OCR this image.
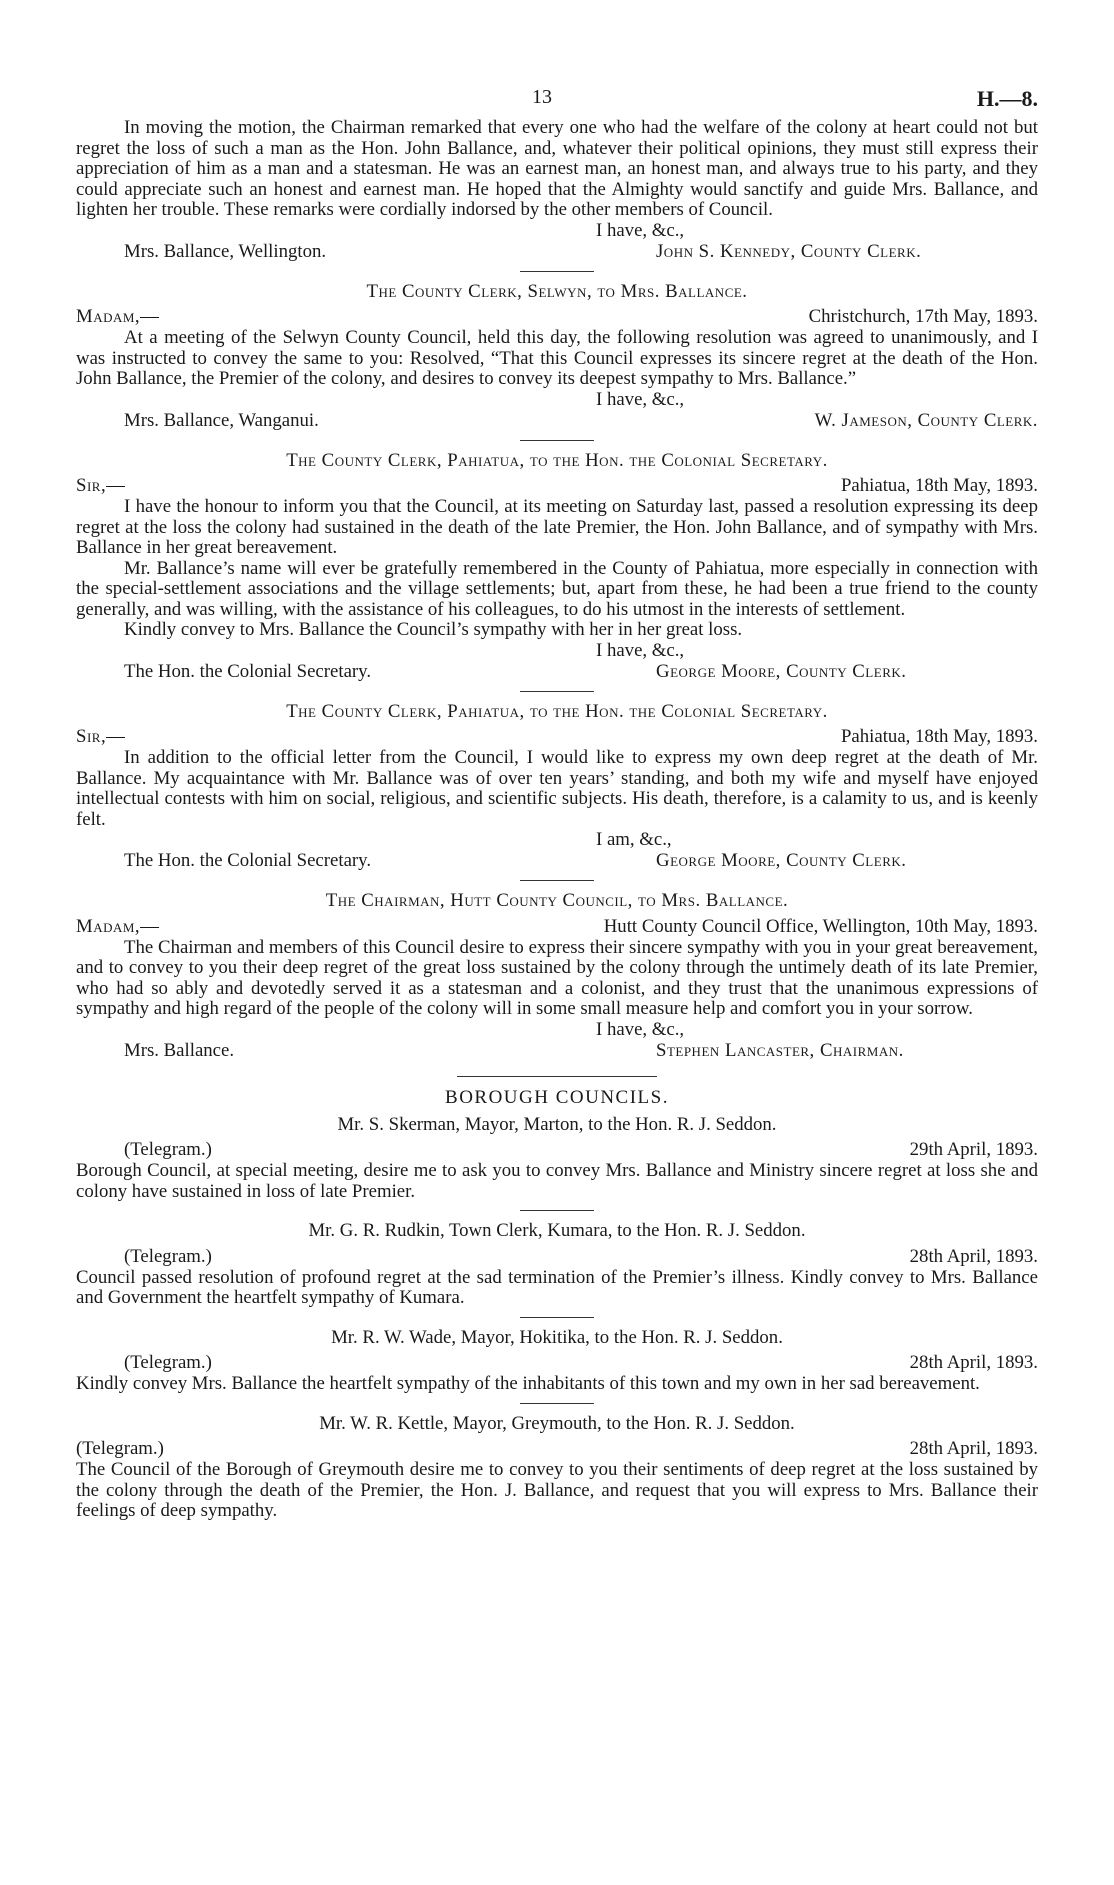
13	H.—8.

In moving the motion, the Chairman remarked that every one who had the welfare of the colony at heart could not but regret the loss of such a man as the Hon. John Ballance, and, whatever their political opinions, they must still express their appreciation of him as a man and a statesman. He was an earnest man, an honest man, and always true to his party, and they could appreciate such an honest and earnest man. He hoped that the Almighty would sanctify and guide Mrs. Ballance, and lighten her trouble. These remarks were cordially indorsed by the other members of Council.

I have, &c.,
Mrs. Ballance, Wellington.	John S. Kennedy, County Clerk.
The County Clerk, Selwyn, to Mrs. Ballance.
Madam,—	Christchurch, 17th May, 1893.

At a meeting of the Selwyn County Council, held this day, the following resolution was agreed to unanimously, and I was instructed to convey the same to you: Resolved, “That this Council expresses its sincere regret at the death of the Hon. John Ballance, the Premier of the colony, and desires to convey its deepest sympathy to Mrs. Ballance.”

I have, &c.,
Mrs. Ballance, Wanganui.	W. Jameson, County Clerk.
The County Clerk, Pahiatua, to the Hon. the Colonial Secretary.
Sir,—	Pahiatua, 18th May, 1893.

I have the honour to inform you that the Council, at its meeting on Saturday last, passed a resolution expressing its deep regret at the loss the colony had sustained in the death of the late Premier, the Hon. John Ballance, and of sympathy with Mrs. Ballance in her great bereavement.

Mr. Ballance’s name will ever be gratefully remembered in the County of Pahiatua, more especially in connection with the special-settlement associations and the village settlements; but, apart from these, he had been a true friend to the county generally, and was willing, with the assistance of his colleagues, to do his utmost in the interests of settlement.

Kindly convey to Mrs. Ballance the Council’s sympathy with her in her great loss.

I have, &c.,
The Hon. the Colonial Secretary.	George Moore, County Clerk.
The County Clerk, Pahiatua, to the Hon. the Colonial Secretary.
Sir,—	Pahiatua, 18th May, 1893.

In addition to the official letter from the Council, I would like to express my own deep regret at the death of Mr. Ballance. My acquaintance with Mr. Ballance was of over ten years’ standing, and both my wife and myself have enjoyed intellectual contests with him on social, religious, and scientific subjects. His death, therefore, is a calamity to us, and is keenly felt.

I am, &c.,
The Hon. the Colonial Secretary.	George Moore, County Clerk.
The Chairman, Hutt County Council, to Mrs. Ballance.
Madam,—	Hutt County Council Office, Wellington, 10th May, 1893.

The Chairman and members of this Council desire to express their sincere sympathy with you in your great bereavement, and to convey to you their deep regret of the great loss sustained by the colony through the untimely death of its late Premier, who had so ably and devotedly served it as a statesman and a colonist, and they trust that the unanimous expressions of sympathy and high regard of the people of the colony will in some small measure help and comfort you in your sorrow.

I have, &c.,
Mrs. Ballance.	Stephen Lancaster, Chairman.
BOROUGH COUNCILS.
Mr. S. Skerman, Mayor, Marton, to the Hon. R. J. Seddon.
(Telegram.)	29th April, 1893.

Borough Council, at special meeting, desire me to ask you to convey Mrs. Ballance and Ministry sincere regret at loss she and colony have sustained in loss of late Premier.

Mr. G. R. Rudkin, Town Clerk, Kumara, to the Hon. R. J. Seddon.
(Telegram.)	28th April, 1893.

Council passed resolution of profound regret at the sad termination of the Premier’s illness. Kindly convey to Mrs. Ballance and Government the heartfelt sympathy of Kumara.

Mr. R. W. Wade, Mayor, Hokitika, to the Hon. R. J. Seddon.
(Telegram.)	28th April, 1893.

Kindly convey Mrs. Ballance the heartfelt sympathy of the inhabitants of this town and my own in her sad bereavement.

Mr. W. R. Kettle, Mayor, Greymouth, to the Hon. R. J. Seddon.
(Telegram.)	28th April, 1893.

The Council of the Borough of Greymouth desire me to convey to you their sentiments of deep regret at the loss sustained by the colony through the death of the Premier, the Hon. J. Ballance, and request that you will express to Mrs. Ballance their feelings of deep sympathy.
